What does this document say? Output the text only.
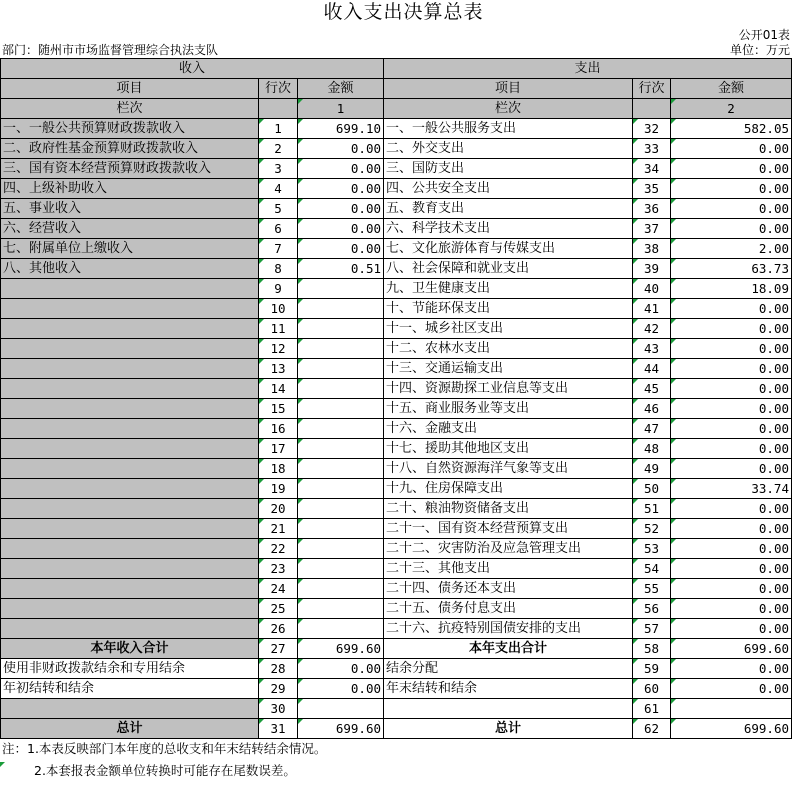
收入支出决算总表
公开01表
部门：随州市市场监督管理综合执法支队	单位：万元
收入	支出
项目	行次	金额	项目	行次	金额
栏次	1	栏次	2
一、一般公共预算财政拨款收入	1	699.10 一、一般公共服务支出	32	582.05
二、政府性基金预算财政拨款收入	2	0.00 二、外交支出	33	0.00
三、国有资本经营预算财政拨款收入	3	0.00 三、国防支出	34	0.00
四、上级补助收入	4	0.00 四、公共安全支出	35	0.00
五、事业收入	5	0.00 五、教育支出	36	0.00
六、经营收入	6	0.00 六、科学技术支出	37	0.00
七、附属单位上缴收入	7	0.00 七、文化旅游体育与传媒支出	38	2.00
八、其他收入	8	0.51 八、社会保障和就业支出	39	63.73
9	九、卫生健康支出	40	18.09
10	十、节能环保支出	41	0.00
11	十一、城乡社区支出	42	0.00
12	十二、农林水支出	43	0.00
13	十三、交通运输支出	44	0.00
14	十四、资源勘探工业信息等支出	45	0.00
15	十五、商业服务业等支出	46	0.00
16	十六、金融支出	47	0.00
17	十七、援助其他地区支出	48	0.00
18	十八、自然资源海洋气象等支出	49	0.00
19	十九、住房保障支出	50	33.74
20	二十、粮油物资储备支出	51	0.00
21	二十一、国有资本经营预算支出	52	0.00
22	二十二、灾害防治及应急管理支出	53	0.00
23	二十三、其他支出	54	0.00
24	二十四、债务还本支出	55	0.00
25	二十五、债务付息支出	56	0.00
26	二十六、抗疫特别国债安排的支出	57	0.00
本年收入合计	27	699.60	本年支出合计	58	699.60
使用非财政拨款结余和专用结余	28	0.00 结余分配	59	0.00
年初结转和结余	29	0.00 年末结转和结余	60	0.00
30	61
总计	31	699.60	总计	62	699.60
注：1.本表反映部门本年度的总收支和年末结转结余情况。
2.本套报表金额单位转换时可能存在尾数误差。
